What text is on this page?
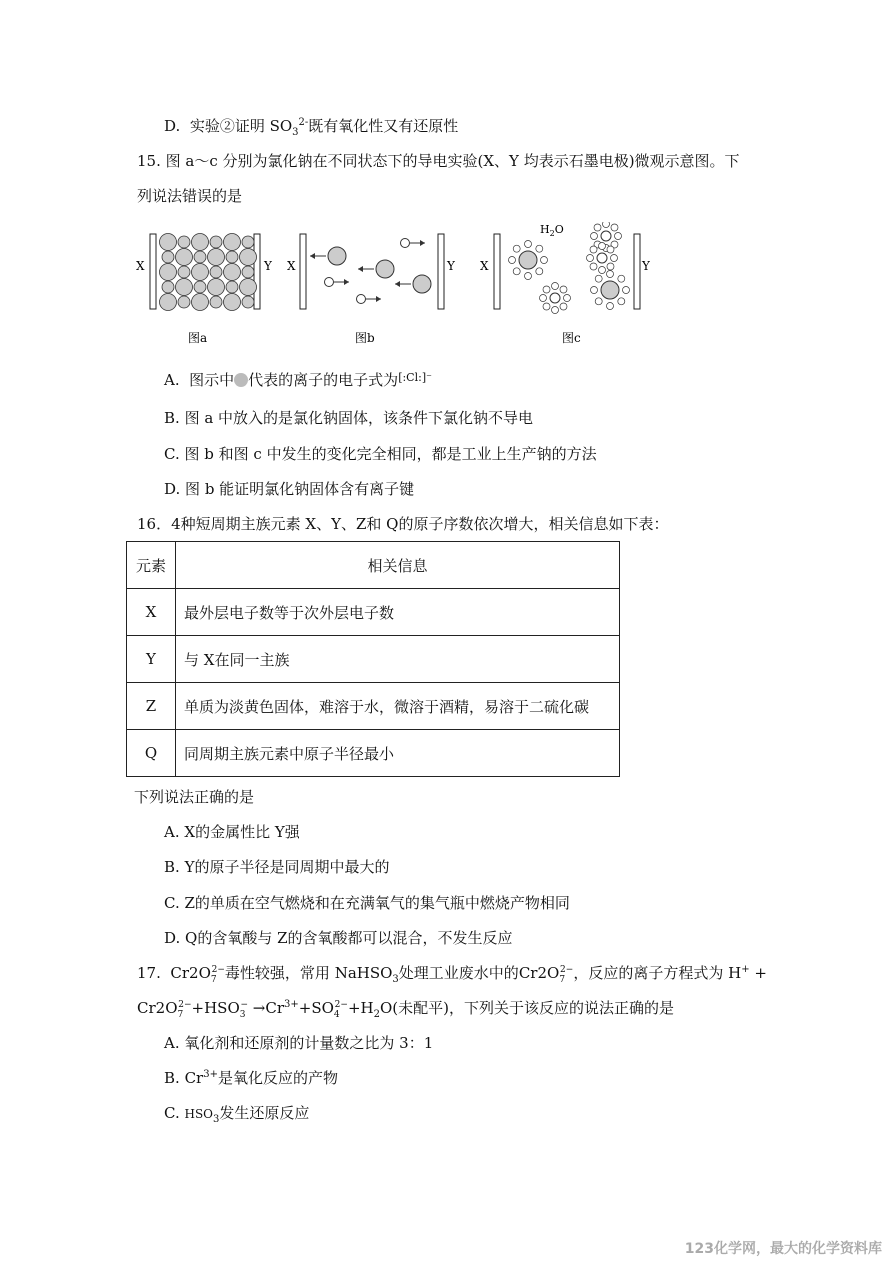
D. 实验②证明 $SO_3^{2-}$既有氧化性又有还原性
15. 图 a～c 分别为氯化钠在不同状态下的导电实验(X、Y 均表示石墨电极)微观示意图。下
列说法错误的是
X	Y
图a
X	Y
图b
X	Y
$H_2O$
图c
A. 图示中 代表的离子的电子式为$^{[:Cl:]^-}$
B. 图 a 中放入的是氯化钠固体，该条件下氯化钠不导电
C. 图 b 和图 c 中发生的变化完全相同，都是工业上生产钠的方法
D. 图 b 能证明氯化钠固体含有离子键
16．4种短周期主族元素 X、Y、Z和 Q的原子序数依次增大，相关信息如下表：
元素	相关信息
X	最外层电子数等于次外层电子数
Y	与 X在同一主族
Z	单质为淡黄色固体，难溶于水，微溶于酒精，易溶于二硫化碳
Q	同周期主族元素中原子半径最小
下列说法正确的是
A. X的金属性比 Y强
B. Y的原子半径是同周期中最大的
C. Z的单质在空气燃烧和在充满氧气的集气瓶中燃烧产物相同
D. Q的含氧酸与 Z的含氧酸都可以混合，不发生反应
17. $Cr2O_7^{2-}$毒性较强，常用 NaHSO$_3$处理工业废水中的$Cr2O_7^{2-}$，反应的离子方程式为 H+ +
$Cr2O_7^{2-}+HSO_3^- \to Cr^{3+}+SO_4^{2-}+H_2O$(未配平)，下列关于该反应的说法正确的是
A. 氧化剂和还原剂的计量数之比为 3：1
B. $Cr^{3+}$是氧化反应的产物
C. $HSO_3$发生还原反应
123化学网，最大的化学资料库
